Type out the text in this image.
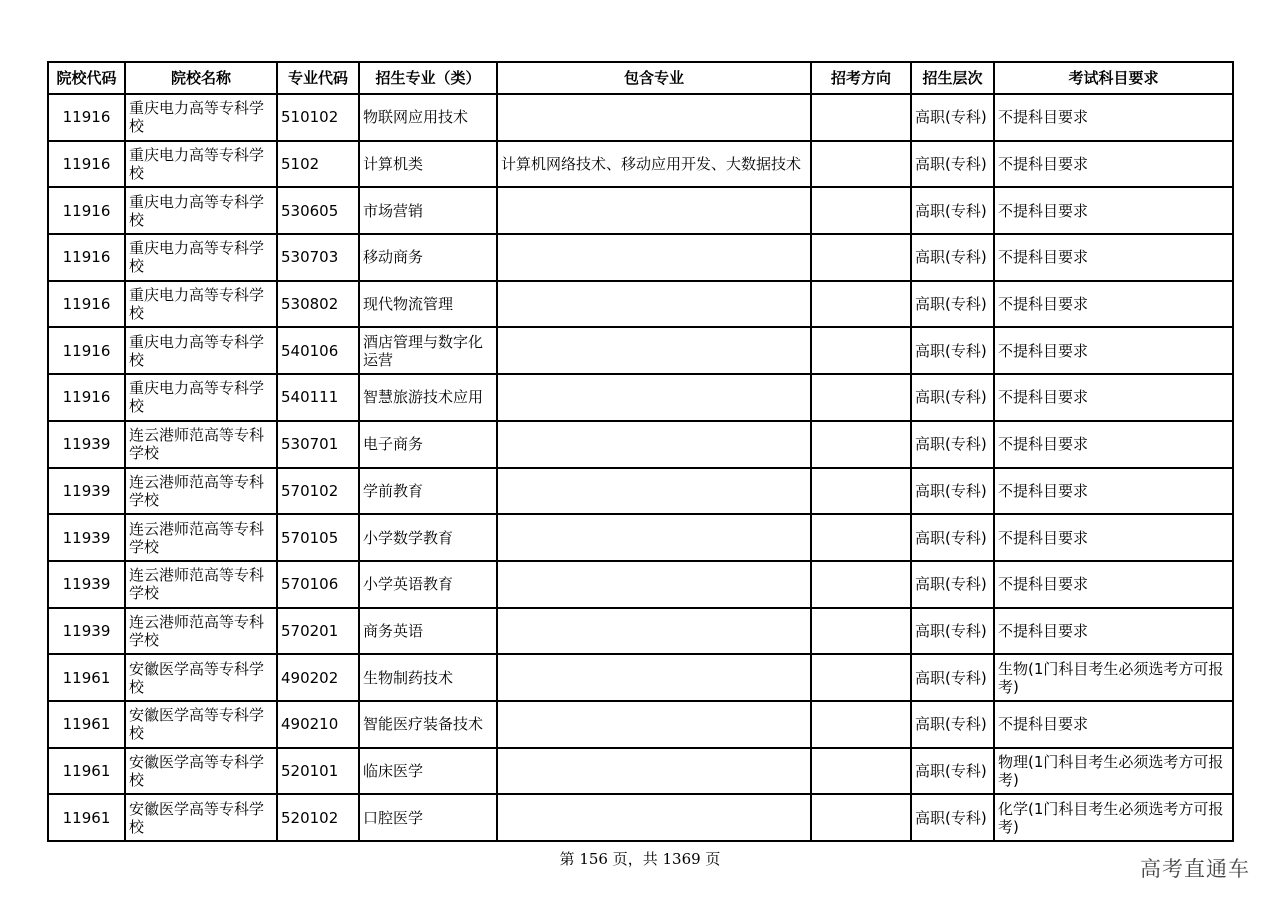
院校代码	院校名称	专业代码	招生专业（类）	包含专业	招考方向	招生层次	考试科目要求
11916	重庆电力高等专科学校	510102	物联网应用技术			高职(专科)	不提科目要求
11916	重庆电力高等专科学校	5102	计算机类	计算机网络技术、移动应用开发、大数据技术		高职(专科)	不提科目要求
11916	重庆电力高等专科学校	530605	市场营销			高职(专科)	不提科目要求
11916	重庆电力高等专科学校	530703	移动商务			高职(专科)	不提科目要求
11916	重庆电力高等专科学校	530802	现代物流管理			高职(专科)	不提科目要求
11916	重庆电力高等专科学校	540106	酒店管理与数字化运营			高职(专科)	不提科目要求
11916	重庆电力高等专科学校	540111	智慧旅游技术应用			高职(专科)	不提科目要求
11939	连云港师范高等专科学校	530701	电子商务			高职(专科)	不提科目要求
11939	连云港师范高等专科学校	570102	学前教育			高职(专科)	不提科目要求
11939	连云港师范高等专科学校	570105	小学数学教育			高职(专科)	不提科目要求
11939	连云港师范高等专科学校	570106	小学英语教育			高职(专科)	不提科目要求
11939	连云港师范高等专科学校	570201	商务英语			高职(专科)	不提科目要求
11961	安徽医学高等专科学校	490202	生物制药技术			高职(专科)	生物(1门科目考生必须选考方可报考)
11961	安徽医学高等专科学校	490210	智能医疗装备技术			高职(专科)	不提科目要求
11961	安徽医学高等专科学校	520101	临床医学			高职(专科)	物理(1门科目考生必须选考方可报考)
11961	安徽医学高等专科学校	520102	口腔医学			高职(专科)	化学(1门科目考生必须选考方可报考)
第 156 页，共 1369 页	高考直通车
